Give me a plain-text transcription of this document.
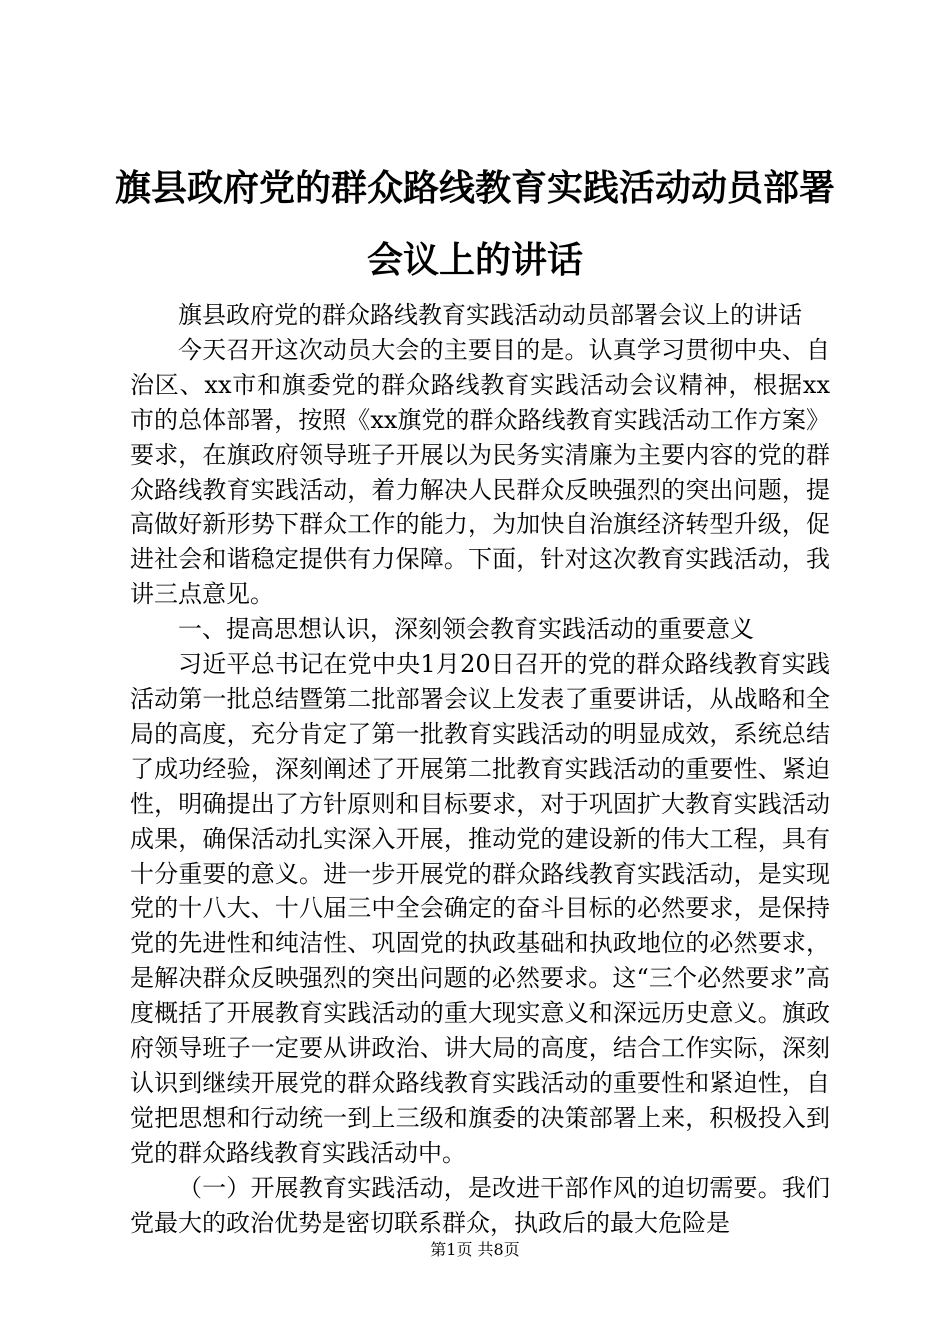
旗县政府党的群众路线教育实践活动动员部署会议上的讲话

旗县政府党的群众路线教育实践活动动员部署会议上的讲话

今天召开这次动员大会的主要目的是。认真学习贯彻中央、自治区、xx市和旗委党的群众路线教育实践活动会议精神，根据xx市的总体部署，按照《xx旗党的群众路线教育实践活动工作方案》要求，在旗政府领导班子开展以为民务实清廉为主要内容的党的群众路线教育实践活动，着力解决人民群众反映强烈的突出问题，提高做好新形势下群众工作的能力，为加快自治旗经济转型升级，促进社会和谐稳定提供有力保障。下面，针对这次教育实践活动，我讲三点意见。

一、提高思想认识，深刻领会教育实践活动的重要意义

习近平总书记在党中央1月20日召开的党的群众路线教育实践活动第一批总结暨第二批部署会议上发表了重要讲话，从战略和全局的高度，充分肯定了第一批教育实践活动的明显成效，系统总结了成功经验，深刻阐述了开展第二批教育实践活动的重要性、紧迫性，明确提出了方针原则和目标要求，对于巩固扩大教育实践活动成果，确保活动扎实深入开展，推动党的建设新的伟大工程，具有十分重要的意义。进一步开展党的群众路线教育实践活动，是实现党的十八大、十八届三中全会确定的奋斗目标的必然要求，是保持党的先进性和纯洁性、巩固党的执政基础和执政地位的必然要求，是解决群众反映强烈的突出问题的必然要求。这“三个必然要求”高度概括了开展教育实践活动的重大现实意义和深远历史意义。旗政府领导班子一定要从讲政治、讲大局的高度，结合工作实际，深刻认识到继续开展党的群众路线教育实践活动的重要性和紧迫性，自觉把思想和行动统一到上三级和旗委的决策部署上来，积极投入到党的群众路线教育实践活动中。

（一）开展教育实践活动，是改进干部作风的迫切需要。我们党最大的政治优势是密切联系群众，执政后的最大危险是

第1页 共8页
